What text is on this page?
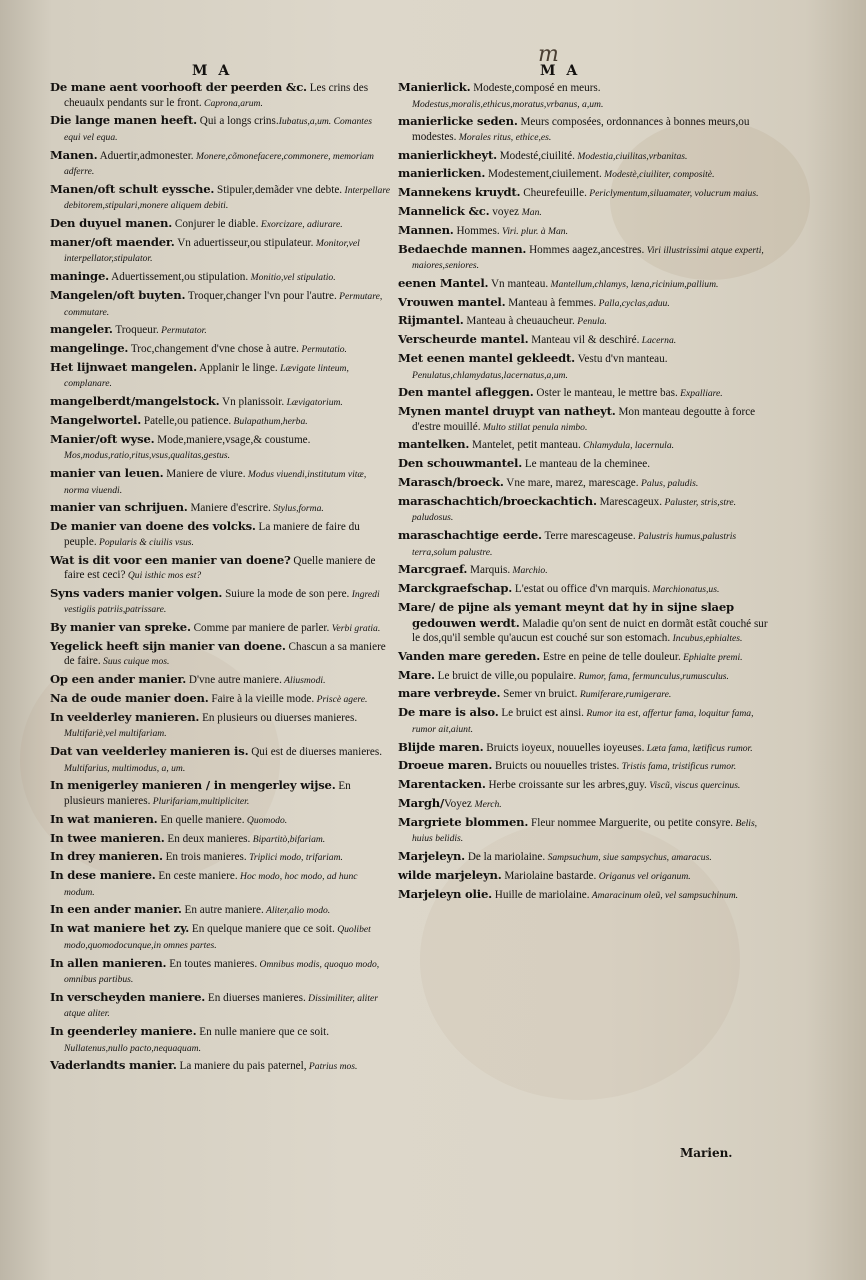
m
M A	M A

De mane aent voorhooft der peerden &c. Les crins des cheuaulx pendants sur le front. Caprona,arum.

Die lange manen heeft. Qui a longs crins.Iubatus,a,um. Comantes equi vel equa.

Manen. Aduertir,admonester. Monere,cõmonefacere,commonere, memoriam adferre.

Manen/oft schult eyssche. Stipuler,demãder vne debte. Interpellare debitorem,stipulari,monere aliquem debiti.

Den duyuel manen. Conjurer le diable. Exorcizare, adiurare.

maner/oft maender. Vn aduertisseur,ou stipulateur. Monitor,vel interpellator,stipulator.

maninge. Aduertissement,ou stipulation. Monitio,vel stipulatio.

Mangelen/oft buyten. Troquer,changer l'vn pour l'autre. Permutare, commutare.

mangeler. Troqueur. Permutator.

mangelinge. Troc,changement d'vne chose à autre. Permutatio.

Het lijnwaet mangelen. Applanir le linge. Lævigate linteum, complanare.

mangelberdt/mangelstock. Vn planissoir. Lævigatorium.

Mangelwortel. Patelle,ou patience. Bulapathum,herba.

Manier/oft wyse. Mode,maniere,vsage,& coustume. Mos,modus,ratio,ritus,vsus,qualitas,gestus.

manier van leuen. Maniere de viure. Modus viuendi,institutum vitæ, norma viuendi.

manier van schrijuen. Maniere d'escrire. Stylus,forma.

De manier van doene des volcks. La maniere de faire du peuple. Popularis & ciuilis vsus.

Wat is dit voor een manier van doene? Quelle maniere de faire est ceci? Qui isthic mos est?

Syns vaders manier volgen. Suiure la mode de son pere. Ingredi vestigiis patriis,patrissare.

By manier van spreke. Comme par maniere de parler. Verbi gratia.

Yegelick heeft sijn manier van doene. Chascun a sa maniere de faire. Suus cuique mos.

Op een ander manier. D'vne autre maniere. Aliusmodi.

Na de oude manier doen. Faire à la vieille mode. Priscè agere.

In veelderley manieren. En plusieurs ou diuerses manieres. Multifariè,vel multifariam.

Dat van veelderley manieren is. Qui est de diuerses manieres. Multifarius, multimodus, a, um.

In menigerley manieren / in mengerley wijse. En plusieurs manieres. Plurifariam,multipliciter.

In wat manieren. En quelle maniere. Quomodo.

In twee manieren. En deux manieres. Bipartitò,bifariam.

In drey manieren. En trois manieres. Triplici modo, trifariam.

In dese maniere. En ceste maniere. Hoc modo, hoc modo, ad hunc modum.

In een ander manier. En autre maniere. Aliter,alio modo.

In wat maniere het zy. En quelque maniere que ce soit. Quolibet modo,quomodocunque,in omnes partes.

In allen manieren. En toutes manieres. Omnibus modis, quoquo modo, omnibus partibus.

In verscheyden maniere. En diuerses manieres. Dissimiliter, aliter atque aliter.

In geenderley maniere. En nulle maniere que ce soit. Nullatenus,nullo pacto,nequaquam.

Vaderlandts manier. La maniere du pais paternel, Patrius mos.

Manierlick. Modeste,composé en meurs. Modestus,moralis,ethicus,moratus,vrbanus, a,um.

manierlicke seden. Meurs composées, ordonnances à bonnes meurs,ou modestes. Morales ritus, ethice,es.

manierlickheyt. Modesté,ciuilité. Modestia,ciuilitas,vrbanitas.

manierlicken. Modestement,ciuilement. Modestè,ciuiliter, compositè.

Mannekens kruydt. Cheurefeuille. Periclymentum,siluamater, volucrum maius.

Mannelick &c. voyez Man.

Mannen. Hommes. Viri. plur. à Man.

Bedaechde mannen. Hommes aagez,ancestres. Viri illustrissimi atque experti, maiores,seniores.

eenen Mantel. Vn manteau. Mantellum,chlamys, læna,ricinium,pallium.

Vrouwen mantel. Manteau à femmes. Palla,cyclas,aduu.

Rijmantel. Manteau à cheuaucheur. Penula.

Verscheurde mantel. Manteau vil & deschiré. Lacerna.

Met eenen mantel gekleedt. Vestu d'vn manteau. Penulatus,chlamydatus,lacernatus,a,um.

Den mantel afleggen. Oster le manteau, le mettre bas. Expalliare.

Mynen mantel druypt van natheyt. Mon manteau degoutte à force d'estre mouillé. Multo stillat penula nimbo.

mantelken. Mantelet, petit manteau. Chlamydula, lacernula.

Den schouwmantel. Le manteau de la cheminee.

Marasch/broeck. Vne mare, marez, marescage. Palus, paludis.

maraschachtich/broeckachtich. Marescageux. Paluster, stris,stre. paludosus.

maraschachtige eerde. Terre marescageuse. Palustris humus,palustris terra,solum palustre.

Marcgraef. Marquis. Marchio.

Marckgraefschap. L'estat ou office d'vn marquis. Marchionatus,us.

Mare/ de pijne als yemant meynt dat hy in sijne slaep gedouwen werdt. Maladie qu'on sent de nuict en dormãt estãt couché sur le dos,qu'il semble qu'aucun est couché sur son estomach. Incubus,ephialtes.

Vanden mare gereden. Estre en peine de telle douleur. Ephialte premi.

Mare. Le bruict de ville,ou populaire. Rumor, fama, fermunculus,rumusculus.

mare verbreyde. Semer vn bruict. Rumiferare,rumigerare.

De mare is also. Le bruict est ainsi. Rumor ita est, affertur fama, loquitur fama, rumor ait,aiunt.

Blijde maren. Bruicts ioyeux, nouuelles ioyeuses. Læta fama, lætificus rumor.

Droeue maren. Bruicts ou nouuelles tristes. Tristis fama, tristificus rumor.

Marentacken. Herbe croissante sur les arbres,guy. Viscũ, viscus quercinus.

Margh/Voyez Merch.

Margriete blommen. Fleur nommee Marguerite, ou petite consyre. Belis, huius belidis.

Marjeleyn. De la mariolaine. Sampsuchum, siue sampsychus, amaracus.

wilde marjeleyn. Mariolaine bastarde. Origanus vel origanum.

Marjeleyn olie. Huille de mariolaine. Amaracinum oleũ, vel sampsuchinum.

Marien.
